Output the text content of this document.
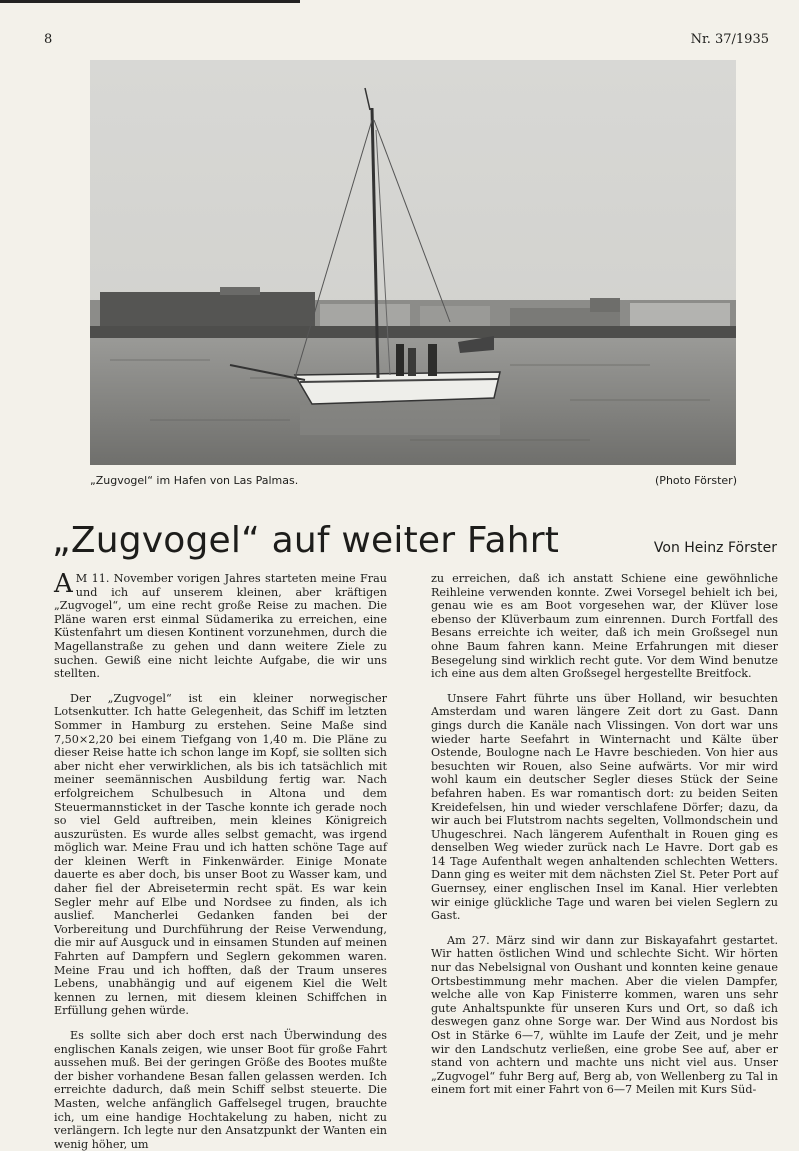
8	Nr. 37/1935
„Zugvogel“ im Hafen von Las Palmas.	(Photo Förster)
„Zugvogel“ auf weiter Fahrt	Von Heinz Förster

A M 11. November vorigen Jahres starteten meine Frau und ich auf unserem kleinen, aber kräftigen „Zugvogel“, um eine recht große Reise zu machen. Die Pläne waren erst einmal Südamerika zu erreichen, eine Küstenfahrt um diesen Kontinent vorzunehmen, durch die Magellanstraße zu gehen und dann weitere Ziele zu suchen. Gewiß eine nicht leichte Aufgabe, die wir uns stellten.

Der „Zugvogel“ ist ein kleiner norwegischer Lotsenkutter. Ich hatte Gelegenheit, das Schiff im letzten Sommer in Hamburg zu erstehen. Seine Maße sind 7,50×2,20 bei einem Tiefgang von 1,40 m. Die Pläne zu dieser Reise hatte ich schon lange im Kopf, sie sollten sich aber nicht eher verwirklichen, als bis ich tatsächlich mit meiner seemännischen Ausbildung fertig war. Nach erfolgreichem Schulbesuch in Altona und dem Steuermannsticket in der Tasche konnte ich gerade noch so viel Geld auftreiben, mein kleines Königreich auszurüsten. Es wurde alles selbst gemacht, was irgend möglich war. Meine Frau und ich hatten schöne Tage auf der kleinen Werft in Finkenwärder. Einige Monate dauerte es aber doch, bis unser Boot zu Wasser kam, und daher fiel der Abreisetermin recht spät. Es war kein Segler mehr auf Elbe und Nordsee zu finden, als ich auslief. Mancherlei Gedanken fanden bei der Vorbereitung und Durchführung der Reise Verwendung, die mir auf Ausguck und in einsamen Stunden auf meinen Fahrten auf Dampfern und Seglern gekommen waren. Meine Frau und ich hofften, daß der Traum unseres Lebens, unabhängig und auf eigenem Kiel die Welt kennen zu lernen, mit diesem kleinen Schiffchen in Erfüllung gehen würde.

Es sollte sich aber doch erst nach Überwindung des englischen Kanals zeigen, wie unser Boot für große Fahrt aussehen muß. Bei der geringen Größe des Bootes mußte der bisher vorhandene Besan fallen gelassen werden. Ich erreichte dadurch, daß mein Schiff selbst steuerte. Die Masten, welche anfänglich Gaffelsegel trugen, brauchte ich, um eine handige Hochtakelung zu haben, nicht zu verlängern. Ich legte nur den Ansatzpunkt der Wanten ein wenig höher, um

zu erreichen, daß ich anstatt Schiene eine gewöhnliche Reihleine verwenden konnte. Zwei Vorsegel behielt ich bei, genau wie es am Boot vorgesehen war, der Klüver lose ebenso der Klüverbaum zum einrennen. Durch Fortfall des Besans erreichte ich weiter, daß ich mein Großsegel nun ohne Baum fahren kann. Meine Erfahrungen mit dieser Besegelung sind wirklich recht gute. Vor dem Wind benutze ich eine aus dem alten Großsegel hergestellte Breitfock.

Unsere Fahrt führte uns über Holland, wir besuchten Amsterdam und waren längere Zeit dort zu Gast. Dann gings durch die Kanäle nach Vlissingen. Von dort war uns wieder harte Seefahrt in Winternacht und Kälte über Ostende, Boulogne nach Le Havre beschieden. Von hier aus besuchten wir Rouen, also Seine aufwärts. Vor mir wird wohl kaum ein deutscher Segler dieses Stück der Seine befahren haben. Es war romantisch dort: zu beiden Seiten Kreidefelsen, hin und wieder verschlafene Dörfer; dazu, da wir auch bei Flutstrom nachts segelten, Vollmondschein und Uhugeschrei. Nach längerem Aufenthalt in Rouen ging es denselben Weg wieder zurück nach Le Havre. Dort gab es 14 Tage Aufenthalt wegen anhaltenden schlechten Wetters. Dann ging es weiter mit dem nächsten Ziel St. Peter Port auf Guernsey, einer englischen Insel im Kanal. Hier verlebten wir einige glückliche Tage und waren bei vielen Seglern zu Gast.

Am 27. März sind wir dann zur Biskayafahrt gestartet. Wir hatten östlichen Wind und schlechte Sicht. Wir hörten nur das Nebelsignal von Oushant und konnten keine genaue Ortsbestimmung mehr machen. Aber die vielen Dampfer, welche alle von Kap Finisterre kommen, waren uns sehr gute Anhaltspunkte für unseren Kurs und Ort, so daß ich deswegen ganz ohne Sorge war. Der Wind aus Nordost bis Ost in Stärke 6—7, wühlte im Laufe der Zeit, und je mehr wir den Landschutz verließen, eine grobe See auf, aber er stand von achtern und machte uns nicht viel aus. Unser „Zugvogel“ fuhr Berg auf, Berg ab, von Wellenberg zu Tal in einem fort mit einer Fahrt von 6—7 Meilen mit Kurs Süd-
